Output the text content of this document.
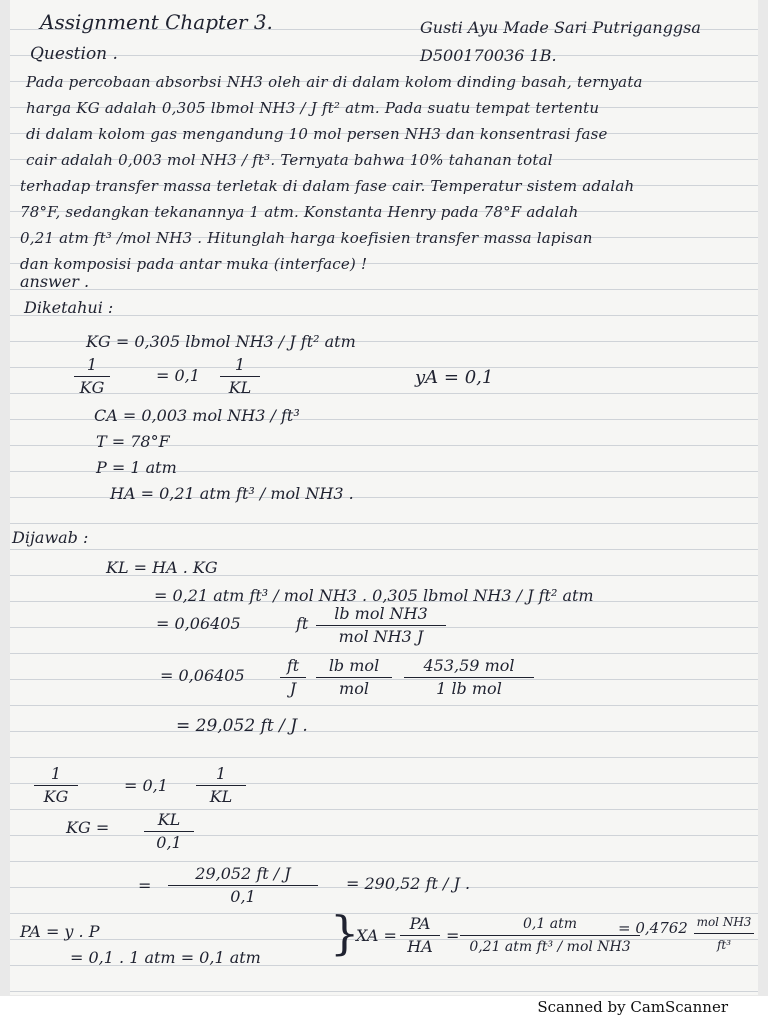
Assignment Chapter 3.	Gusti Ayu Made Sari Putriganggsa
D500170036 1B.
Question .
Pada percobaan absorbsi NH3 oleh air di dalam kolom dinding basah, ternyata
harga KG adalah 0,305 lbmol NH3 / J ft² atm. Pada suatu tempat tertentu
di dalam kolom gas mengandung 10 mol persen NH3 dan konsentrasi fase
cair adalah 0,003 mol NH3 / ft³. Ternyata bahwa 10% tahanan total
terhadap transfer massa terletak di dalam fase cair. Temperatur sistem adalah
78°F, sedangkan tekanannya 1 atm. Konstanta Henry pada 78°F adalah
0,21 atm ft³ /mol NH3 . Hitunglah harga koefisien transfer massa lapisan
dan komposisi pada antar muka (interface) !
answer .
Diketahui :
KG = 0,305 lbmol NH3 / J ft² atm
1
KG
= 0,1
1
KL	yA = 0,1
CA = 0,003 mol NH3 / ft³
T = 78°F
P = 1 atm
HA = 0,21 atm ft³ / mol NH3 .
Dijawab :
KL = HA . KG
= 0,21 atm ft³ / mol NH3 . 0,305 lbmol NH3 / J ft² atm
= 0,06405	ft
lb mol NH3
mol NH3 J
= 0,06405
ft
J
lb mol
mol
453,59 mol
1 lb mol
= 29,052 ft / J .
1
KG
= 0,1
1
KL
KG =	KL
0,1
=
29,052 ft / J
0,1
= 290,52 ft / J .
PA = y . P
= 0,1 . 1 atm = 0,1 atm }
XA =
PA
HA
=
0,1 atm
0,21 atm ft³ / mol NH3
= 0,4762 mol NH3
ft³
Scanned by CamScanner
